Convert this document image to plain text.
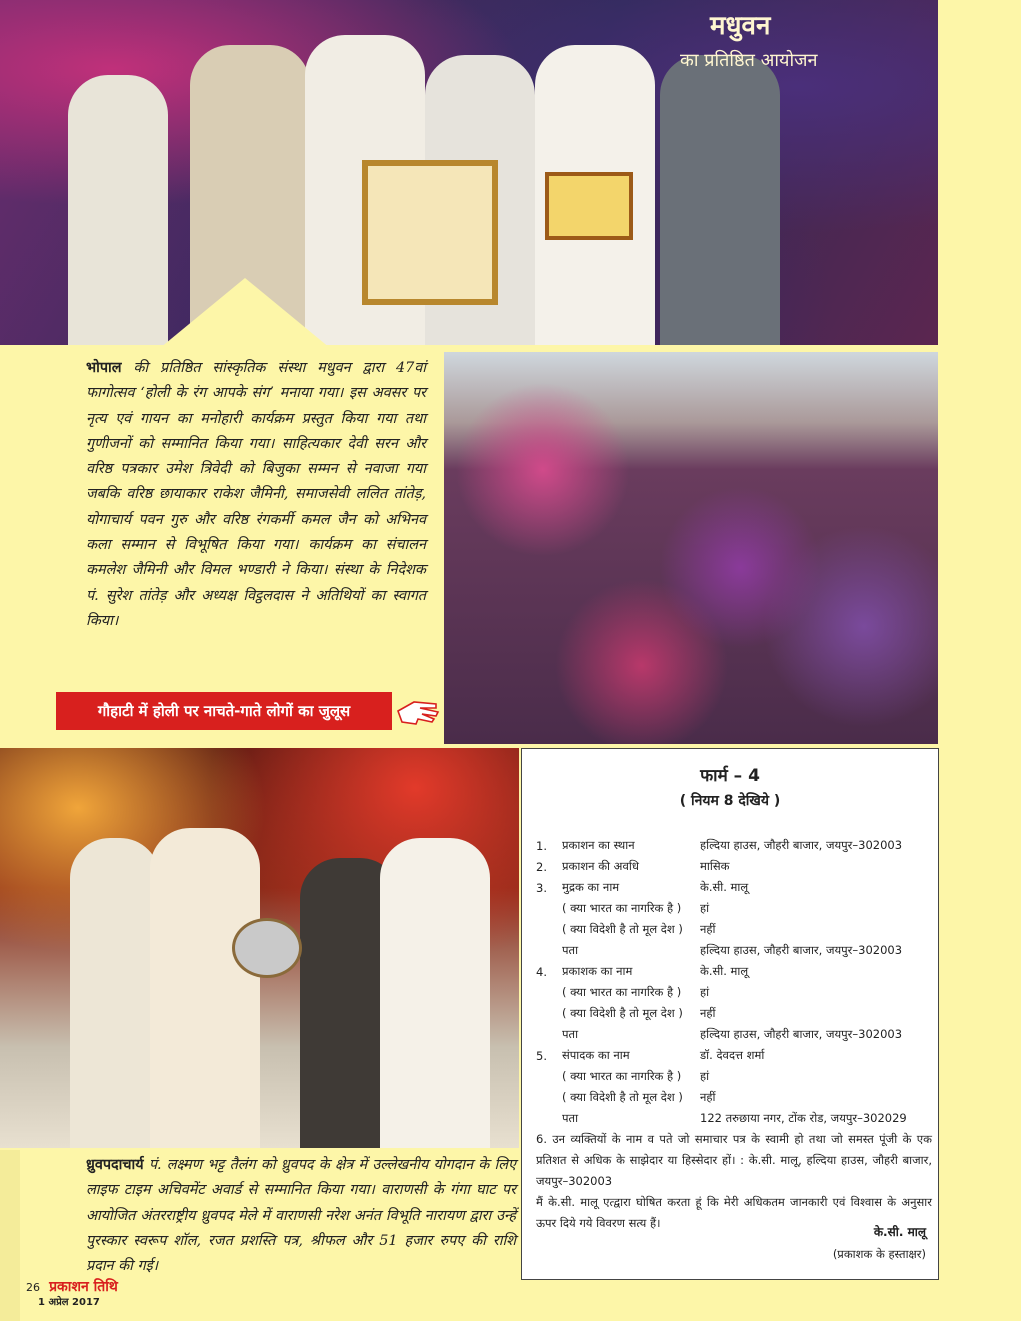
मधुवन
का प्रतिष्ठित आयोजन

भोपाल की प्रतिष्ठित सांस्कृतिक संस्था मधुवन द्वारा 47वां फागोत्सव ‘होली के रंग आपके संग’ मनाया गया। इस अवसर पर नृत्य एवं गायन का मनोहारी कार्यक्रम प्रस्तुत किया गया तथा गुणीजनों को सम्मानित किया गया। साहित्यकार देवी सरन और वरिष्ठ पत्रकार उमेश त्रिवेदी को बिजुका सम्मन से नवाजा गया जबकि वरिष्ठ छायाकार राकेश जैमिनी, समाजसेवी ललित तांतेड़, योगाचार्य पवन गुरु और वरिष्ठ रंगकर्मी कमल जैन को अभिनव कला सम्मान से विभूषित किया गया। कार्यक्रम का संचालन कमलेश जैमिनी और विमल भण्डारी ने किया। संस्था के निदेशक पं. सुरेश तांतेड़ और अध्यक्ष विट्ठलदास ने अतिथियों का स्वागत किया।

गौहाटी में होली पर नाचते-गाते लोगों का जुलूस

ध्रुवपदाचार्य पं. लक्ष्मण भट्ट तैलंग को ध्रुवपद के क्षेत्र में उल्लेखनीय योगदान के लिए लाइफ टाइम अचिवमेंट अवार्ड से सम्मानित किया गया। वाराणसी के गंगा घाट पर आयोजित अंतरराष्ट्रीय ध्रुवपद मेले में वाराणसी नरेश अनंत विभूति नारायण द्वारा उन्हें पुरस्कार स्वरूप शॉल, रजत प्रशस्ति पत्र, श्रीफल और 51 हजार रुपए की राशि प्रदान की गई।

फार्म – 4
( नियम 8 देखिये )
1.	प्रकाशन का स्थान	हल्दिया हाउस, जौहरी बाजार, जयपुर–302003
2.	प्रकाशन की अवधि	मासिक
3.	मुद्रक का नाम	के.सी. मालू
( क्या भारत का नागरिक है )	हां
( क्या विदेशी है तो मूल देश )	नहीं
पता	हल्दिया हाउस, जौहरी बाजार, जयपुर–302003
4.	प्रकाशक का नाम	के.सी. मालू
( क्या भारत का नागरिक है )	हां
( क्या विदेशी है तो मूल देश )	नहीं
पता	हल्दिया हाउस, जौहरी बाजार, जयपुर–302003
5.	संपादक का नाम	डॉ. देवदत्त शर्मा
( क्या भारत का नागरिक है )	हां
( क्या विदेशी है तो मूल देश )	नहीं
पता	122 तरुछाया नगर, टोंक रोड, जयपुर–302029

6. उन व्यक्तियों के नाम व पते जो समाचार पत्र के स्वामी हो तथा जो समस्त पूंजी के एक प्रतिशत से अधिक के साझेदार या हिस्सेदार हों। : के.सी. मालू, हल्दिया हाउस, जौहरी बाजार, जयपुर–302003

मैं के.सी. मालू एत्द्वारा घोषित करता हूं कि मेरी अधिकतम जानकारी एवं विश्वास के अनुसार ऊपर दिये गये विवरण सत्य हैं।

के.सी. मालू
(प्रकाशक के हस्ताक्षर)
26 प्रकाशन तिथि
1 अप्रेल 2017
